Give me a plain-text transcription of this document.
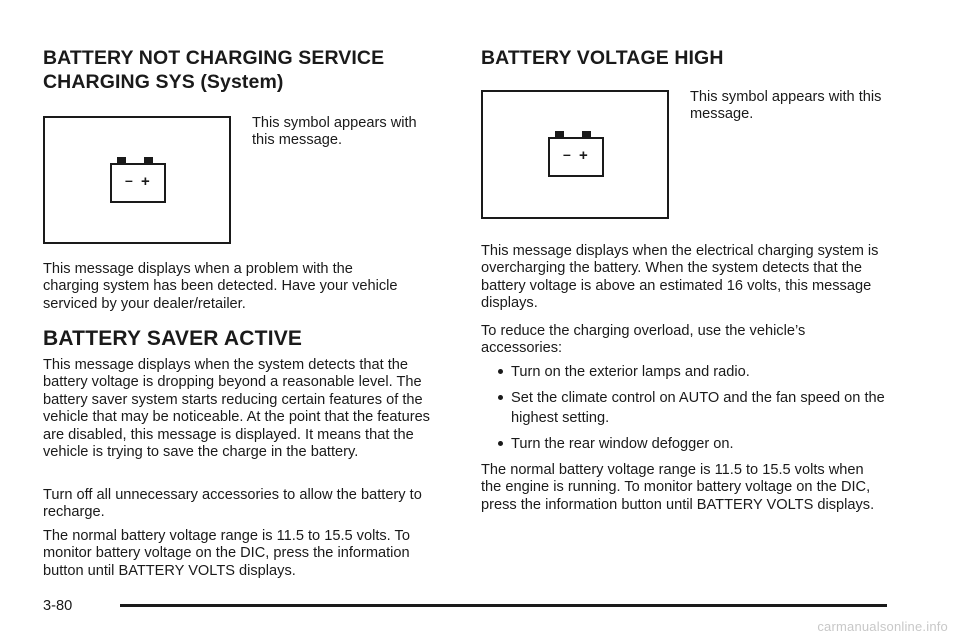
BATTERY NOT CHARGING SERVICE CHARGING SYS (System)
– +

This symbol appears with this message.

This message displays when a problem with the charging system has been detected. Have your vehicle serviced by your dealer/retailer.

BATTERY SAVER ACTIVE

This message displays when the system detects that the battery voltage is dropping beyond a reasonable level. The battery saver system starts reducing certain features of the vehicle that may be noticeable. At the point that the features are disabled, this message is displayed. It means that the vehicle is trying to save the charge in the battery.

Turn off all unnecessary accessories to allow the battery to recharge.

The normal battery voltage range is 11.5 to 15.5 volts. To monitor battery voltage on the DIC, press the information button until BATTERY VOLTS displays.

BATTERY VOLTAGE HIGH
– +

This symbol appears with this message.

This message displays when the electrical charging system is overcharging the battery. When the system detects that the battery voltage is above an estimated 16 volts, this message displays.

To reduce the charging overload, use the vehicle’s accessories:

Turn on the exterior lamps and radio.
Set the climate control on AUTO and the fan speed on the highest setting.
Turn the rear window defogger on.

The normal battery voltage range is 11.5 to 15.5 volts when the engine is running. To monitor battery voltage on the DIC, press the information button until BATTERY VOLTS displays.

3-80
carmanualsonline.info
